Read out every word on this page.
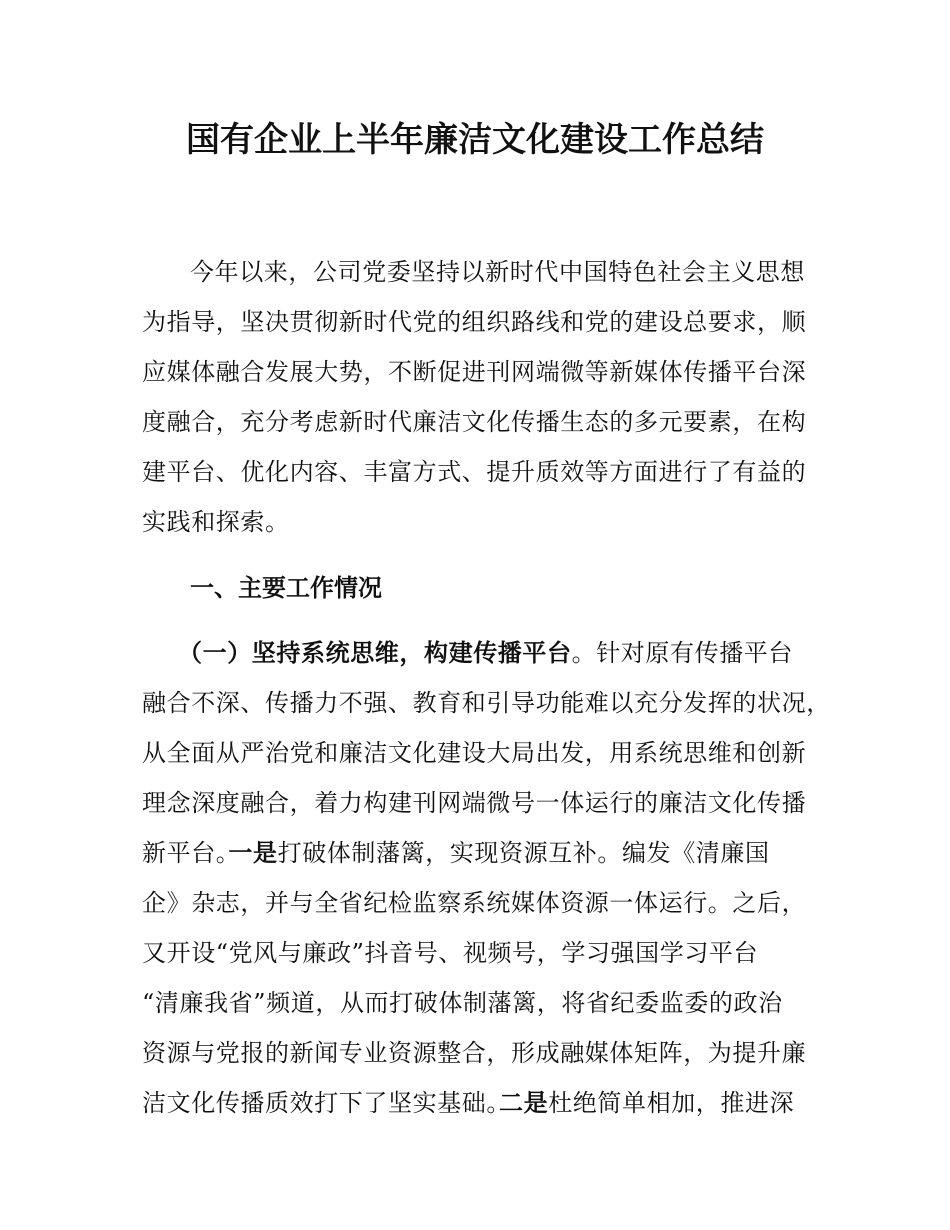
国有企业上半年廉洁文化建设工作总结
今年以来，公司党委坚持以新时代中国特色社会主义思想
为指导，坚决贯彻新时代党的组织路线和党的建设总要求，顺
应媒体融合发展大势，不断促进刊网端微等新媒体传播平台深
度融合，充分考虑新时代廉洁文化传播生态的多元要素，在构
建平台、优化内容、丰富方式、提升质效等方面进行了有益的
实践和探索。
一、主要工作情况
（一）坚持系统思维，构建传播平台。针对原有传播平台
融合不深、传播力不强、教育和引导功能难以充分发挥的状况，
从全面从严治党和廉洁文化建设大局出发，用系统思维和创新
理念深度融合，着力构建刊网端微号一体运行的廉洁文化传播
新平台。一是打破体制藩篱，实现资源互补。编发《清廉国
企》杂志，并与全省纪检监察系统媒体资源一体运行。之后，
又开设“党风与廉政”抖音号、视频号，学习强国学习平台
“清廉我省”频道，从而打破体制藩篱，将省纪委监委的政治
资源与党报的新闻专业资源整合，形成融媒体矩阵，为提升廉
洁文化传播质效打下了坚实基础。二是杜绝简单相加，推进深
